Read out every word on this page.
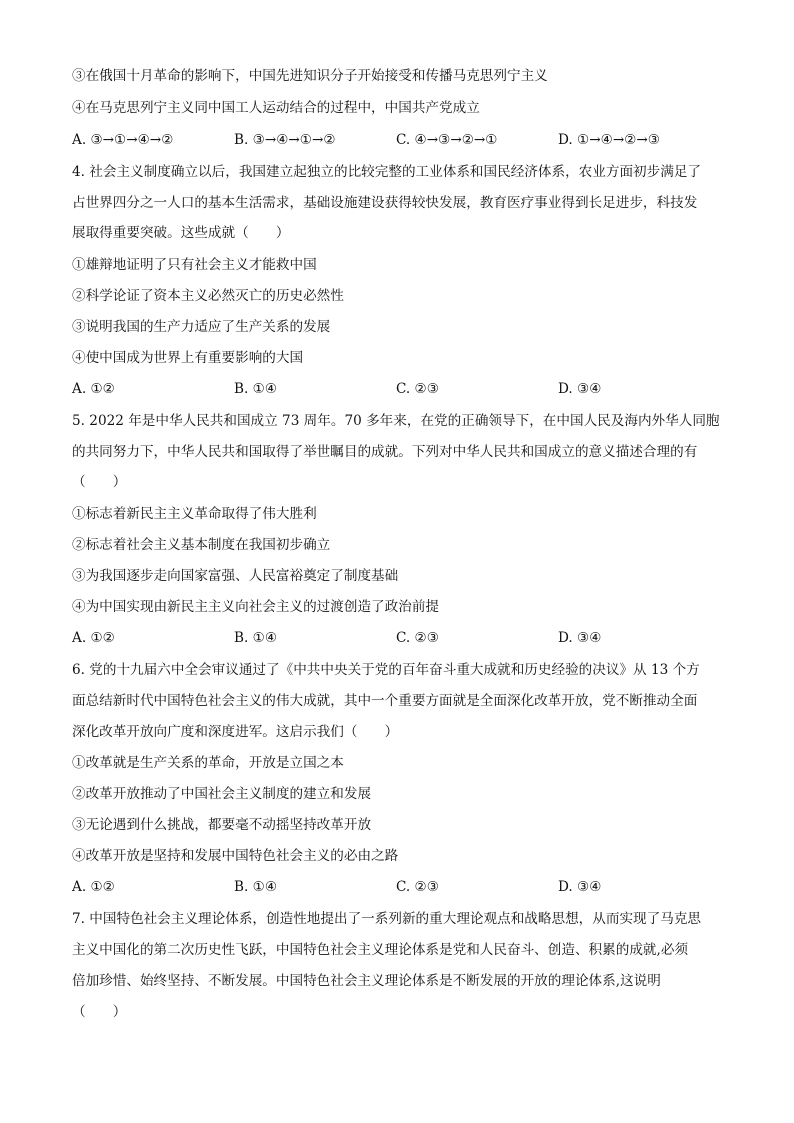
③在俄国十月革命的影响下，中国先进知识分子开始接受和传播马克思列宁主义
④在马克思列宁主义同中国工人运动结合的过程中，中国共产党成立
A. ③→①→④→②	B. ③→④→①→②	C. ④→③→②→①	D. ①→④→②→③
4. 社会主义制度确立以后，我国建立起独立的比较完整的工业体系和国民经济体系，农业方面初步满足了
占世界四分之一人口的基本生活需求，基础设施建设获得较快发展，教育医疗事业得到长足进步，科技发
展取得重要突破。这些成就（　　）
①雄辩地证明了只有社会主义才能救中国
②科学论证了资本主义必然灭亡的历史必然性
③说明我国的生产力适应了生产关系的发展
④使中国成为世界上有重要影响的大国
A. ①②	B. ①④	C. ②③	D. ③④
5. 2022 年是中华人民共和国成立 73 周年。70 多年来，在党的正确领导下，在中国人民及海内外华人同胞
的共同努力下，中华人民共和国取得了举世瞩目的成就。下列对中华人民共和国成立的意义描述合理的有
（　　）
①标志着新民主主义革命取得了伟大胜利
②标志着社会主义基本制度在我国初步确立
③为我国逐步走向国家富强、人民富裕奠定了制度基础
④为中国实现由新民主主义向社会主义的过渡创造了政治前提
A. ①②	B. ①④	C. ②③	D. ③④
6. 党的十九届六中全会审议通过了《中共中央关于党的百年奋斗重大成就和历史经验的决议》从 13 个方
面总结新时代中国特色社会主义的伟大成就，其中一个重要方面就是全面深化改革开放，党不断推动全面
深化改革开放向广度和深度进军。这启示我们（　　）
①改革就是生产关系的革命，开放是立国之本
②改革开放推动了中国社会主义制度的建立和发展
③无论遇到什么挑战，都要毫不动摇坚持改革开放
④改革开放是坚持和发展中国特色社会主义的必由之路
A. ①②	B. ①④	C. ②③	D. ③④
7. 中国特色社会主义理论体系，创造性地提出了一系列新的重大理论观点和战略思想，从而实现了马克思
主义中国化的第二次历史性飞跃，中国特色社会主义理论体系是党和人民奋斗、创造、积累的成就,必须
倍加珍惜、始终坚持、不断发展。中国特色社会主义理论体系是不断发展的开放的理论体系,这说明
（　　）
